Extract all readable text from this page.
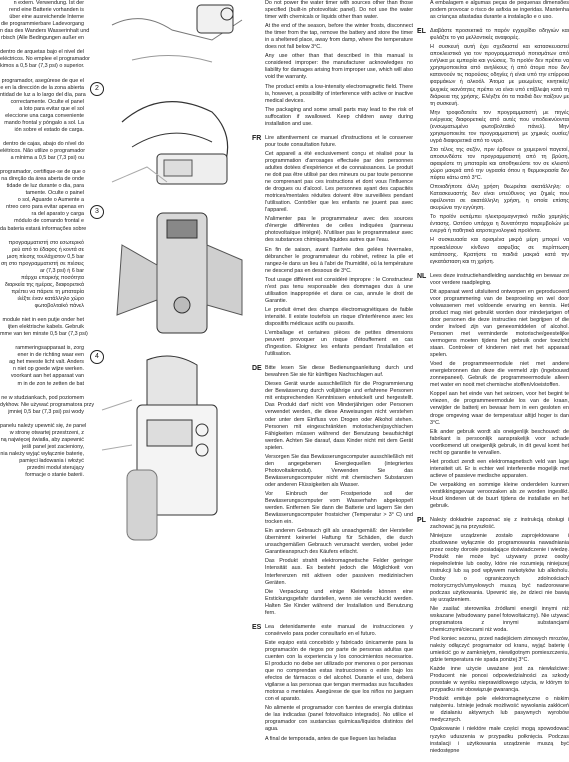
n extern. Verwendung. Ist der
rend eine Batterie vorhanden is
über eine ausreichende Interne
die programmierbare Ladevorgang
n das des Wanders Wasserinhalt und
rbisch (Alle Bedingungen außer en
dentro de arquetas bajo el nivel del
eléctricos. No emplee el programador
kimos a 0,5 bar (7,3 psi) o superior.
programador, asegúrese de que el
e en la dirección de la zona abierta
ntidad de luz a lo largo del día, para
correctamente. Oculte el panel
a loto para evitar que el sol
eleccione una carga conveniente
mando frontal y póngalo a sol. La
ión sobre el estado de carga.
dentro de cajas, abajo do nível do
elétricos. Não utilize o programador
a mínima a 0,5 bar (7,3 psi) ou
programador, certifique-se de que o
na direção da área aberta de onde
tidade de luz durante o dia, para
tamente. Oculte o painel
o sol, Aguarde o Aumente a
ntreo cero para evitar apenas en
ra del aparato y carga
módulo de comando frontal e
da bateria estará informações sobre
προγραμματιστή στο εσωτερικό
ρεύ από το έδαφος ή κοντά σε
μιση πίεσης τουλάχιστον 0,5 bar
ση στο προγραμματιστή σε πιέσεις
ar (7,3 psi) ή 6 bar
πάρχει επαρκής ποσότητα
διαρκεία της ημέρας, διαφορετικά
πρέπει να πάρετε τη μπαταρία
ιλέξτε έναν κατάλληλο χώρο
φωτοβολταϊκό πάνελ
module niet in een putje onder het
ijten elektrische kabels. Gebruik
mme van ten minste 0,5 bar (7,3 psi)
rammeringsapparaat is, zorg
ener in de richting waar een
ag het meeste licht valt. Anders
n niet op goede wijze werken.
voorkant aan het apparaat van
m in de zon te zetten de bat
ne w studziankach, pod poziomem
dykhow. Nie używać programatora przy
jmniej 0,5 bar (7,3 psi) psi wody
panelu należy upewnić się, że panel
w stronę otwartej przestrzeni, z
ną najwięcej światła, aby zapewnić
jeśli panel jest zacieniony,
nia należy wyjąć wyłącznie baterię,
pamięci ładowania i włożyć
przedni moduł sterujący
formacje o stanie baterii.
2
3
4

Do not power the water timer with sources other than those specified (built-in photovoltaic panel). Do not use the water timer with chemicals or liquids other than water.

At the end of the season, before the winter frosts, disconnect the timer from the tap, remove the battery and store the timer in a sheltered place, away from damp, where the temperature does not fall below 3°C.

Any use other than that described in this manual is considered improper: the manufacturer acknowledges no liability for damages arising from improper use, which will also void the warranty.

The product emits a low-intensity electromagnetic field. There is, however, a possibility of interference with active or inactive medical devices.

The packaging and some small parts may lead to the risk of suffocation if swallowed. Keep children away during installation and use.

FR Lire attentivement ce manuel d'instructions et le conserver pour toute consultation future.

Cet appareil a été exclusivement conçu et réalisé pour la programmation d'arrosages effectuée par des personnes adultes dotées d'expérience et de connaissances. Le produit ne doit pas être utilisé par des mineurs ou par toute personne ne comprenant pas ces instructions et dont vous l'influence de drogues ou d'alcool. Les personnes ayant des capacités motrices/mentales réduites doivent être surveillées pendant l'utilisation. Contrôler que les enfants ne jouent pas avec l'appareil.

N'alimenter pas le programmateur avec des sources d'énergie différentes de celles indiquées (panneau photovoltaïque intégré). N'utiliser pas le programmateur avec des substances chimiques/liquides autres que l'eau.

En fin de saison, avant l'arrivée des gelées hivernales, débrancher le programmateur du robinet, retirez la pile et rangez-le dans un lieu à l'abri de l'humidité, où la température ne descend pas en dessous de 3°C.

Tout usage différent est considéré impropre : le Constructeur n'est pas tenu responsable des dommages dus à une utilisation inappropriée et dans ce cas, annule le droit de Garantie.

Le produit émet des champs électromagnétiques de faible intensité. Il existe toutefois un risque d'interférence avec les dispositifs médicaux actifs ou passifs.

L'emballage et certaines pièces de petites dimensions peuvent provoquer un risque d'étouffement en cas d'ingestion. Éloignez les enfants pendant l'installation et l'utilisation.

DE Bitte lesen Sie diese Bedienungsanleitung durch und bewahren Sie sie für künftiges Nachschlagen auf.

Dieses Gerät wurde ausschließlich für die Programmierung der Bewässerung durch volljährige und erfahrene Personen mit entsprechenden Kenntnissen entwickelt und hergestellt. Das Produkt darf nicht von Minderjährigen oder Personen verwendet werden, die diese Anweisungen nicht verstehen oder unter dem Einfluss von Drogen oder Alkohol stehen. Personen mit eingeschränkten motorischen/psychischen Fähigkeiten müssen während der Benutzung beaufsichtigt werden. Achten Sie darauf, dass Kinder nicht mit dem Gerät spielen.

Versorgen Sie das Bewässerungscomputer ausschließlich mit den angegebenen Energiequellen (integriertes Photovoltaikmodul). Verwenden Sie das Bewässerungscomputer nicht mit chemischen Substanzen oder anderen Flüssigkeiten als Wasser.

Vor Einbruch der Frostperiode soll der Bewässerungscomputer vom Wasserhahn abgekoppelt werden. Entfernen Sie dann die Batterie und lagern Sie den Bewässerungscomputer frostsicher (Temperatur > 3° C) und trocken ein.

Ein anderen Gebrauch gilt als unsachgemäß: der Hersteller übernimmt keinerlei Haftung für Schäden, die durch unsachgemäßen Gebrauch verursacht werden, wobei jeder Garantieanspruch des Käufers erlischt.

Das Produkt strahlt elektromagnetische Felder geringer Intensität aus. Es besteht jedoch die Möglichkeit von Interferenzen mit aktiven oder passiven medizinischen Geräten.

Die Verpackung und einige Kleinteile können eine Erstickungsgefahr darstellen, wenn sie verschluckt werden. Halten Sie Kinder während der Installation und Benutzung fern.

ES Lea detenidamente este manual de instrucciones y consérvelo para poder consultarlo en el futuro.

Este equipo está concebido y fabricado únicamente para la programación de riegos por parte de personas adultas que cuenten con la experiencia y los conocimientos necesarios. El producto no debe ser utilizado por menores o por personas que no comprendan estas instrucciones o estén bajo los efectos de fármacos o del alcohol. Durante el uso, deberá vigilarse a las personas que tengan mermadas sus facultades motoras o mentales. Asegúrese de que los niños no jueguen con el aparato.

No alimente el programador con fuentes de energía distintas de las indicadas (panel fotovoltaico integrado). No utilice el programador con sustancias químicas/líquidos distintos del agua.

A final de temporada, antes de que lleguen las heladas

A embalagem e algumas peças de pequenas dimensões podem provocar o risco de asfixia se ingeridas. Mantenha as crianças afastadas durante a instalação e o uso.

EL Διαβάστε προσεκτικά το παρόν εγχειρίδιο οδηγιών και φυλάξτε το για μελλοντικές αναφορές.

Η συσκευή αυτή έχει σχεδιαστεί και κατασκευαστεί αποκλειστικά για τον προγραμματισμό ποτισμάτων από ενήλικα με εμπειρία και γνώσεις. Το προϊόν δεν πρέπει να χρησιμοποιείται από ανηλίκους ή από άτομα που δεν κατανοούν τις παρούσες οδηγίες ή είναι υπό την επίρροια φαρμάκων ή αλκοόλ. Άτομα με μειωμένες κινητικές/ψυχικές ικανότητες πρέπει να είναι υπό επίβλεψη κατά τη διάρκεια της χρήσης. Ελέγξτε ότι τα παιδιά δεν παίζουν με τη συσκευή.

Μην τροφοδοτείτε τον προγραμματιστή με πηγές ενέργειας διαφορετικές από αυτές που υποδεικνύονται (ενσωματωμένο φωτοβολταϊκό πάνελ). Μην χρησιμοποιείτε τον προγραμματιστή με χημικές ουσίες/υγρά διαφορετικά από το νερό.

Στο τέλος της σεζόν, πριν έρθουν οι χειμερινοί παγετοί, αποσυνδέστε τον προγραμματιστή από τη βρύση, αφαιρέστε τη μπαταρία και αποθηκεύστε τον σε κλειστό χώρο μακριά από την υγρασία όπου η θερμοκρασία δεν πέφτει κάτω από 3°C.

Οποιαδήποτε άλλη χρήση θεωρείται ακατάλληλη: ο Κατασκευαστής δεν είναι υπεύθυνος για ζημιές που οφείλονται σε ακατάλληλη χρήση, η οποία επίσης ακυρώνει την εγγύηση.

Το προϊόν εκπέμπει ηλεκτρομαγνητικό πεδίο χαμηλής έντασης. Ωστόσο υπάρχει η δυνατότητα παρεμβολών με ενεργά ή παθητικά ιατροτεχνολογικά προϊόντα.

Η συσκευασία και ορισμένα μικρά μέρη μπορεί να προκαλέσουν κίνδυνο ασφυξίας σε περίπτωση κατάποσης. Κρατήστε τα παιδιά μακριά κατά την εγκατάσταση και τη χρήση.

NL Lees deze instructiehandleiding aandachtig en bewaar ze voor verdere raadpleging.

Dit apparaat werd uitsluitend ontworpen en geproduceerd voor programmering van de besproeiing en wel door volwassenen met voldoende ervaring en kennis. Het product mag niet gebruikt worden door minderjarigen of door personen die deze instructies niet begrijpen of die onder invloed zijn van geneesmiddelen of alcohol. Personen met verminderde motorische/geestelijke vermogens moeten tijdens het gebruik onder toezicht staan. Controleer of kinderen niet met het apparaat spelen.

Voed de programmeermodule niet met andere energiebronnen dan deze die vermeld zijn (ingebouwd zonnepaneel). Gebruik de programmeermodule alleen met water en nooit met chemische stoffen/vloeistoffen.

Koppel aan het einde van het seizoen, voor het begint te vriezen, de programmeermodule los van de kraan, verwijder de batterij en bewaar hem in een gesloten en droge omgeving waar de temperatuur altijd hoger is dan 3°C.

Elk ander gebruik wordt als oneigenlijk beschouwd: de fabrikant is persoonlijk aansprakelijk voor schade voortkomend uit oneigenlijk gebruik, in dit geval komt het recht op garantie te vervallen.

Het product zendt een elektromagnetisch veld van lage intensiteit uit. Er is echter wel interferentie mogelijk met actieve of passieve medische apparaten.

De verpakking en sommige kleine onderdelen kunnen verstikkingsgevaar veroorzaken als ze worden ingeslikt. Houd kinderen uit de buurt tijdens de installatie en het gebruik.

PL Należy dokładnie zapoznać się z instrukcją obsługi i zachować ją na przyszłość.

Niniejsze urządzenie zostało zaprojektowane i zbudowane wyłącznie do programowania nawadniania przez osoby dorosłe posiadające doświadczenie i wiedzę. Produkt nie może być używany przez osoby niepełnoletnie lub osoby, które nie rozumieją niniejszej instrukcji lub są pod wpływem narkotyków lub alkoholu. Osoby o ograniczonych zdolnościach motorycznych/umysłowych muszą być nadzorowane podczas użytkowania. Upewnić się, że dzieci nie bawią się urządzeniem.

Nie zasilać sterownika źródłami energii innymi niż wskazane (wbudowany panel fotowoltaiczny). Nie używać programatora z innymi substancjami chemicznymi/cieczami niż woda.

Pod koniec sezonu, przed nadejściem zimowych mrozów, należy odłączyć programator od kranu, wyjąć baterię i umieścić go w zamkniętym, niewilgotnym pomieszczeniu, gdzie temperatura nie spada poniżej 3°C.

Każde inne użycie uważane jest za niewłaściwe: Producent nie ponosi odpowiedzialności za szkody powstałe w wyniku nieprawidłowego użycia, w którym to przypadku nie obowiązuje gwarancja.

Produkt emituje pole elektromagnetyczne o niskim natężeniu. Istnieje jednak możliwość wywołania zakłóceń w działaniu aktywnych lub pasywnych wyrobów medycznych.

Opakowanie i niektóre małe części mogą spowodować ryzyko uduszenia w przypadku połknięcia. Podczas instalacji i użytkowania urządzenie muszą być niedostępne
